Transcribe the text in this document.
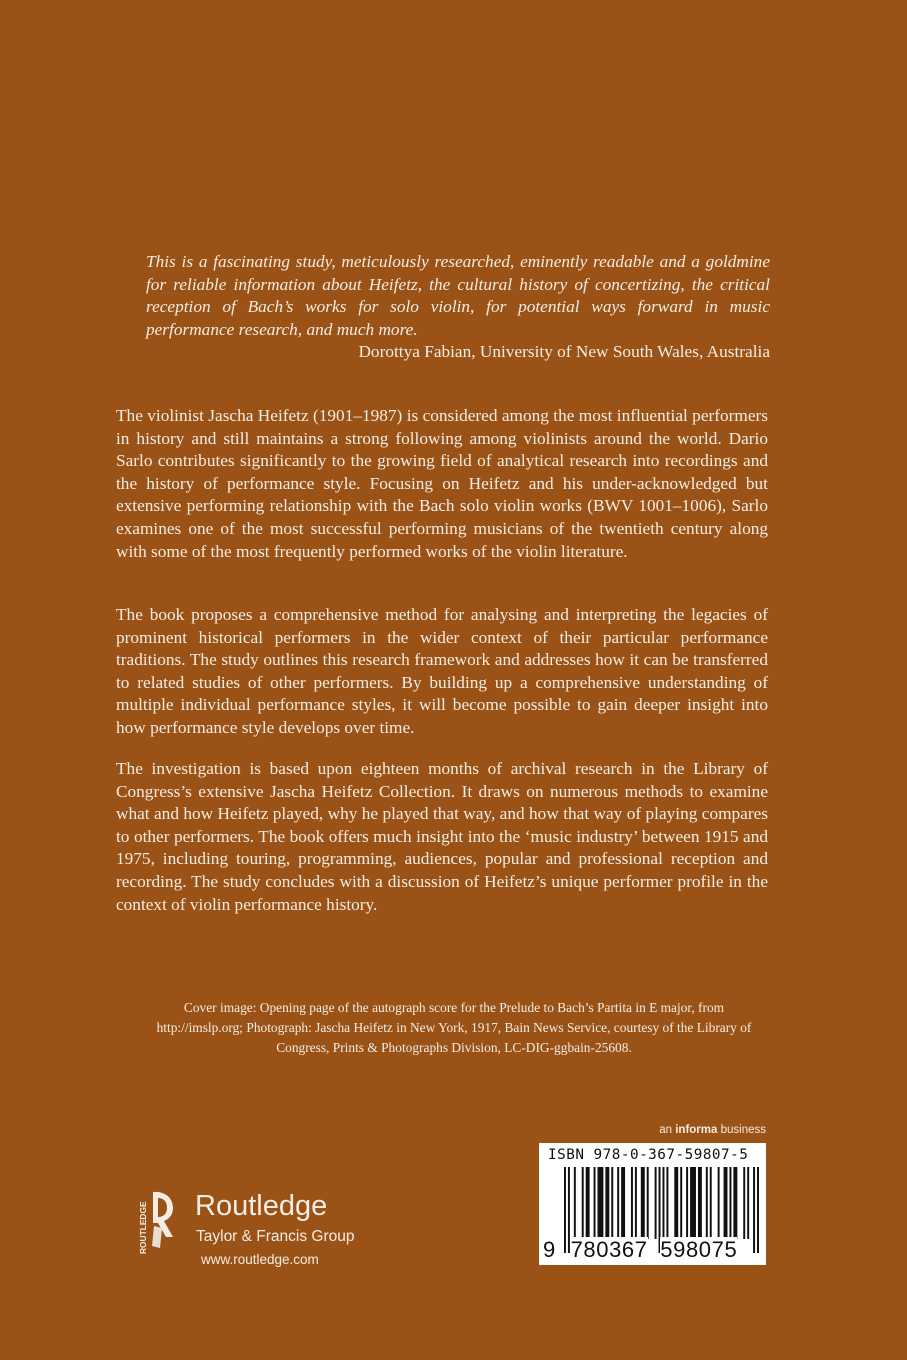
This is a fascinating study, meticulously researched, eminently readable and a goldmine for reliable information about Heifetz, the cultural history of concertizing, the critical reception of Bach’s works for solo violin, for potential ways forward in music performance research, and much more.
Dorottya Fabian, University of New South Wales, Australia
The violinist Jascha Heifetz (1901–1987) is considered among the most influential performers in history and still maintains a strong following among violinists around the world. Dario Sarlo contributes significantly to the growing field of analytical research into recordings and the history of performance style. Focusing on Heifetz and his under-acknowledged but extensive performing relationship with the Bach solo violin works (BWV 1001–1006), Sarlo examines one of the most successful performing musicians of the twentieth century along with some of the most frequently performed works of the violin literature.
The book proposes a comprehensive method for analysing and interpreting the legacies of prominent historical performers in the wider context of their particular performance traditions. The study outlines this research framework and addresses how it can be transferred to related studies of other performers. By building up a comprehensive understanding of multiple individual performance styles, it will become possible to gain deeper insight into how performance style develops over time.
The investigation is based upon eighteen months of archival research in the Library of Congress’s extensive Jascha Heifetz Collection. It draws on numerous methods to examine what and how Heifetz played, why he played that way, and how that way of playing compares to other performers. The book offers much insight into the ‘music industry’ between 1915 and 1975, including touring, programming, audiences, popular and professional reception and recording. The study concludes with a discussion of Heifetz’s unique performer profile in the context of violin performance history.
Cover image: Opening page of the autograph score for the Prelude to Bach’s Partita in E major, from http://imslp.org; Photograph: Jascha Heifetz in New York, 1917, Bain News Service, courtesy of the Library of Congress, Prints & Photographs Division, LC-DIG-ggbain-25608.
an informa business
ISBN 978-0-367-59807-5
9 780367 598075
ROUTLEDGE Routledge
Taylor & Francis Group
www.routledge.com
